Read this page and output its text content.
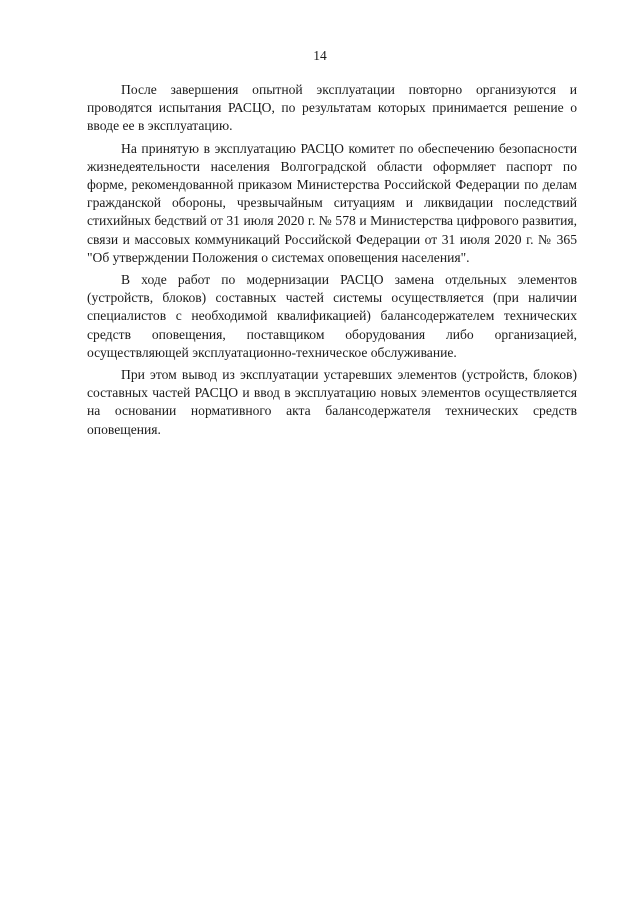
14

После завершения опытной эксплуатации повторно организуются и проводятся испытания РАСЦО, по результатам которых принимается решение о вводе ее в эксплуатацию.

На принятую в эксплуатацию РАСЦО комитет по обеспечению безопасности жизнедеятельности населения Волгоградской области оформляет паспорт по форме, рекомендованной приказом Министерства Российской Федерации по делам гражданской обороны, чрезвычайным ситуациям и ликвидации последствий стихийных бедствий от 31 июля 2020 г. № 578 и Министерства цифрового развития, связи и массовых коммуникаций Российской Федерации от 31 июля 2020 г. № 365 "Об утверждении Положения о системах оповещения населения".

В ходе работ по модернизации РАСЦО замена отдельных элементов (устройств, блоков) составных частей системы осуществляется (при наличии специалистов с необходимой квалификацией) балансодержателем технических средств оповещения, поставщиком оборудования либо организацией, осуществляющей эксплуатационно-техническое обслуживание.

При этом вывод из эксплуатации устаревших элементов (устройств, блоков) составных частей РАСЦО и ввод в эксплуатацию новых элементов осуществляется на основании нормативного акта балансодержателя технических средств оповещения.
